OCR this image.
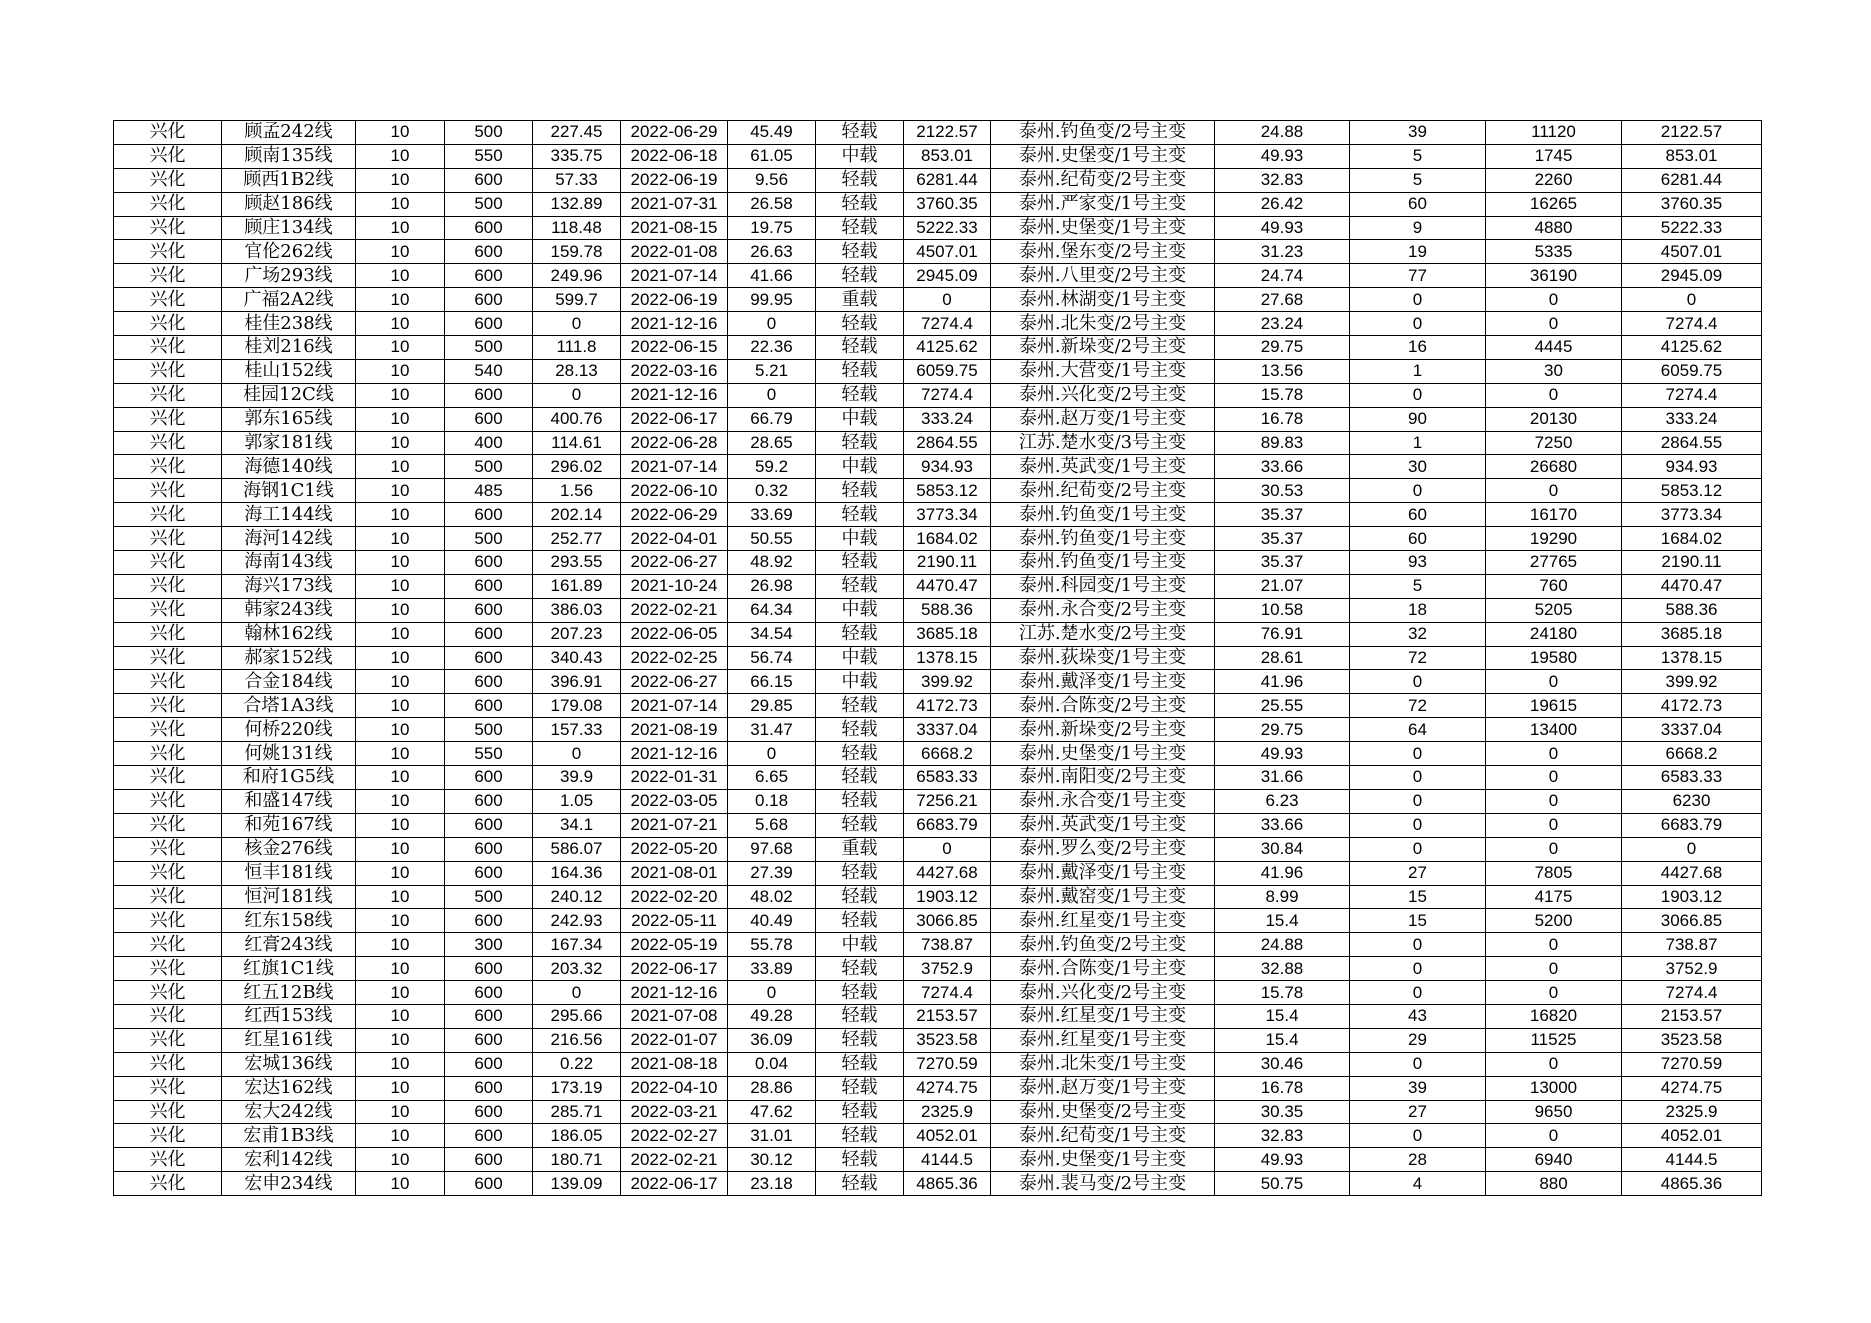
兴化	顾孟242线	10	500	227.45	2022-06-29	45.49	轻载	2122.57	泰州.钓鱼变/2号主变	24.88	39	11120	2122.57
兴化	顾南135线	10	550	335.75	2022-06-18	61.05	中载	853.01	泰州.史堡变/1号主变	49.93	5	1745	853.01
兴化	顾西1B2线	10	600	57.33	2022-06-19	9.56	轻载	6281.44	泰州.纪荀变/2号主变	32.83	5	2260	6281.44
兴化	顾赵186线	10	500	132.89	2021-07-31	26.58	轻载	3760.35	泰州.严家变/1号主变	26.42	60	16265	3760.35
兴化	顾庄134线	10	600	118.48	2021-08-15	19.75	轻载	5222.33	泰州.史堡变/1号主变	49.93	9	4880	5222.33
兴化	官伦262线	10	600	159.78	2022-01-08	26.63	轻载	4507.01	泰州.堡东变/2号主变	31.23	19	5335	4507.01
兴化	广场293线	10	600	249.96	2021-07-14	41.66	轻载	2945.09	泰州.八里变/2号主变	24.74	77	36190	2945.09
兴化	广福2A2线	10	600	599.7	2022-06-19	99.95	重载	0	泰州.林湖变/1号主变	27.68	0	0	0
兴化	桂佳238线	10	600	0	2021-12-16	0	轻载	7274.4	泰州.北朱变/2号主变	23.24	0	0	7274.4
兴化	桂刘216线	10	500	111.8	2022-06-15	22.36	轻载	4125.62	泰州.新垛变/2号主变	29.75	16	4445	4125.62
兴化	桂山152线	10	540	28.13	2022-03-16	5.21	轻载	6059.75	泰州.大营变/1号主变	13.56	1	30	6059.75
兴化	桂园12C线	10	600	0	2021-12-16	0	轻载	7274.4	泰州.兴化变/2号主变	15.78	0	0	7274.4
兴化	郭东165线	10	600	400.76	2022-06-17	66.79	中载	333.24	泰州.赵万变/1号主变	16.78	90	20130	333.24
兴化	郭家181线	10	400	114.61	2022-06-28	28.65	轻载	2864.55	江苏.楚水变/3号主变	89.83	1	7250	2864.55
兴化	海德140线	10	500	296.02	2021-07-14	59.2	中载	934.93	泰州.英武变/1号主变	33.66	30	26680	934.93
兴化	海钢1C1线	10	485	1.56	2022-06-10	0.32	轻载	5853.12	泰州.纪荀变/2号主变	30.53	0	0	5853.12
兴化	海工144线	10	600	202.14	2022-06-29	33.69	轻载	3773.34	泰州.钓鱼变/1号主变	35.37	60	16170	3773.34
兴化	海河142线	10	500	252.77	2022-04-01	50.55	中载	1684.02	泰州.钓鱼变/1号主变	35.37	60	19290	1684.02
兴化	海南143线	10	600	293.55	2022-06-27	48.92	轻载	2190.11	泰州.钓鱼变/1号主变	35.37	93	27765	2190.11
兴化	海兴173线	10	600	161.89	2021-10-24	26.98	轻载	4470.47	泰州.科园变/1号主变	21.07	5	760	4470.47
兴化	韩家243线	10	600	386.03	2022-02-21	64.34	中载	588.36	泰州.永合变/2号主变	10.58	18	5205	588.36
兴化	翰林162线	10	600	207.23	2022-06-05	34.54	轻载	3685.18	江苏.楚水变/2号主变	76.91	32	24180	3685.18
兴化	郝家152线	10	600	340.43	2022-02-25	56.74	中载	1378.15	泰州.荻垛变/1号主变	28.61	72	19580	1378.15
兴化	合金184线	10	600	396.91	2022-06-27	66.15	中载	399.92	泰州.戴泽变/1号主变	41.96	0	0	399.92
兴化	合塔1A3线	10	600	179.08	2021-07-14	29.85	轻载	4172.73	泰州.合陈变/2号主变	25.55	72	19615	4172.73
兴化	何桥220线	10	500	157.33	2021-08-19	31.47	轻载	3337.04	泰州.新垛变/2号主变	29.75	64	13400	3337.04
兴化	何姚131线	10	550	0	2021-12-16	0	轻载	6668.2	泰州.史堡变/1号主变	49.93	0	0	6668.2
兴化	和府1G5线	10	600	39.9	2022-01-31	6.65	轻载	6583.33	泰州.南阳变/2号主变	31.66	0	0	6583.33
兴化	和盛147线	10	600	1.05	2022-03-05	0.18	轻载	7256.21	泰州.永合变/1号主变	6.23	0	0	6230
兴化	和苑167线	10	600	34.1	2021-07-21	5.68	轻载	6683.79	泰州.英武变/1号主变	33.66	0	0	6683.79
兴化	核金276线	10	600	586.07	2022-05-20	97.68	重载	0	泰州.罗么变/2号主变	30.84	0	0	0
兴化	恒丰181线	10	600	164.36	2021-08-01	27.39	轻载	4427.68	泰州.戴泽变/1号主变	41.96	27	7805	4427.68
兴化	恒河181线	10	500	240.12	2022-02-20	48.02	轻载	1903.12	泰州.戴窑变/1号主变	8.99	15	4175	1903.12
兴化	红东158线	10	600	242.93	2022-05-11	40.49	轻载	3066.85	泰州.红星变/1号主变	15.4	15	5200	3066.85
兴化	红膏243线	10	300	167.34	2022-05-19	55.78	中载	738.87	泰州.钓鱼变/2号主变	24.88	0	0	738.87
兴化	红旗1C1线	10	600	203.32	2022-06-17	33.89	轻载	3752.9	泰州.合陈变/1号主变	32.88	0	0	3752.9
兴化	红五12B线	10	600	0	2021-12-16	0	轻载	7274.4	泰州.兴化变/2号主变	15.78	0	0	7274.4
兴化	红西153线	10	600	295.66	2021-07-08	49.28	轻载	2153.57	泰州.红星变/1号主变	15.4	43	16820	2153.57
兴化	红星161线	10	600	216.56	2022-01-07	36.09	轻载	3523.58	泰州.红星变/1号主变	15.4	29	11525	3523.58
兴化	宏城136线	10	600	0.22	2021-08-18	0.04	轻载	7270.59	泰州.北朱变/1号主变	30.46	0	0	7270.59
兴化	宏达162线	10	600	173.19	2022-04-10	28.86	轻载	4274.75	泰州.赵万变/1号主变	16.78	39	13000	4274.75
兴化	宏大242线	10	600	285.71	2022-03-21	47.62	轻载	2325.9	泰州.史堡变/2号主变	30.35	27	9650	2325.9
兴化	宏甫1B3线	10	600	186.05	2022-02-27	31.01	轻载	4052.01	泰州.纪荀变/1号主变	32.83	0	0	4052.01
兴化	宏利142线	10	600	180.71	2022-02-21	30.12	轻载	4144.5	泰州.史堡变/1号主变	49.93	28	6940	4144.5
兴化	宏申234线	10	600	139.09	2022-06-17	23.18	轻载	4865.36	泰州.裴马变/2号主变	50.75	4	880	4865.36
